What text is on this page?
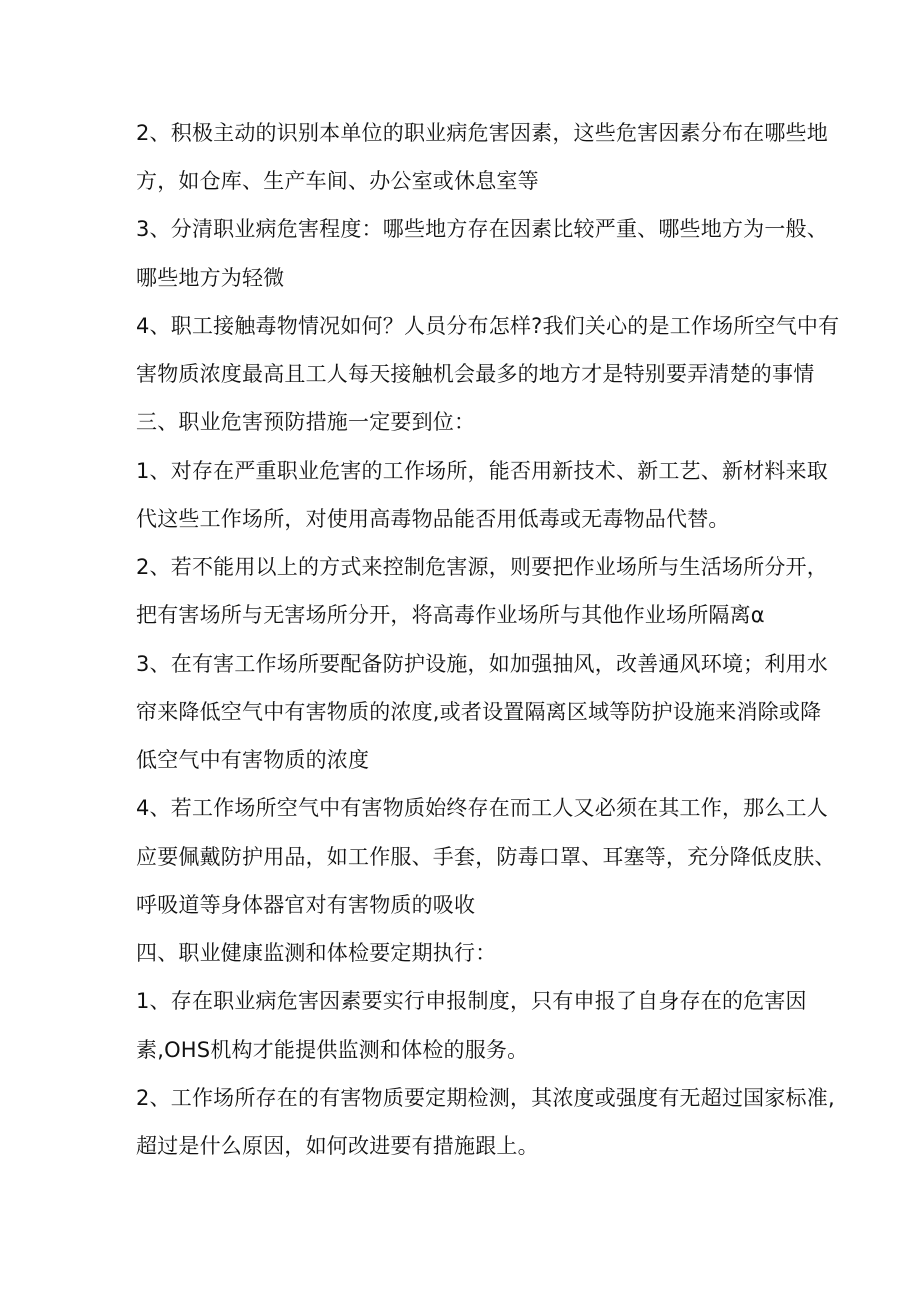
2、积极主动的识别本单位的职业病危害因素，这些危害因素分布在哪些地
方，如仓库、生产车间、办公室或休息室等
3、分清职业病危害程度：哪些地方存在因素比较严重、哪些地方为一般、
哪些地方为轻微
4、职工接触毒物情况如何？人员分布怎样?我们关心的是工作场所空气中有
害物质浓度最高且工人每天接触机会最多的地方才是特别要弄清楚的事情
三、职业危害预防措施一定要到位：
1、对存在严重职业危害的工作场所，能否用新技术、新工艺、新材料来取
代这些工作场所，对使用高毒物品能否用低毒或无毒物品代替。
2、若不能用以上的方式来控制危害源，则要把作业场所与生活场所分开，
把有害场所与无害场所分开，将高毒作业场所与其他作业场所隔离α
3、在有害工作场所要配备防护设施，如加强抽风，改善通风环境；利用水
帘来降低空气中有害物质的浓度,或者设置隔离区域等防护设施来消除或降
低空气中有害物质的浓度
4、若工作场所空气中有害物质始终存在而工人又必须在其工作，那么工人
应要佩戴防护用品，如工作服、手套，防毒口罩、耳塞等，充分降低皮肤、
呼吸道等身体器官对有害物质的吸收
四、职业健康监测和体检要定期执行：
1、存在职业病危害因素要实行申报制度，只有申报了自身存在的危害因
素,OHS机构才能提供监测和体检的服务。
2、工作场所存在的有害物质要定期检测，其浓度或强度有无超过国家标准,
超过是什么原因，如何改进要有措施跟上。
